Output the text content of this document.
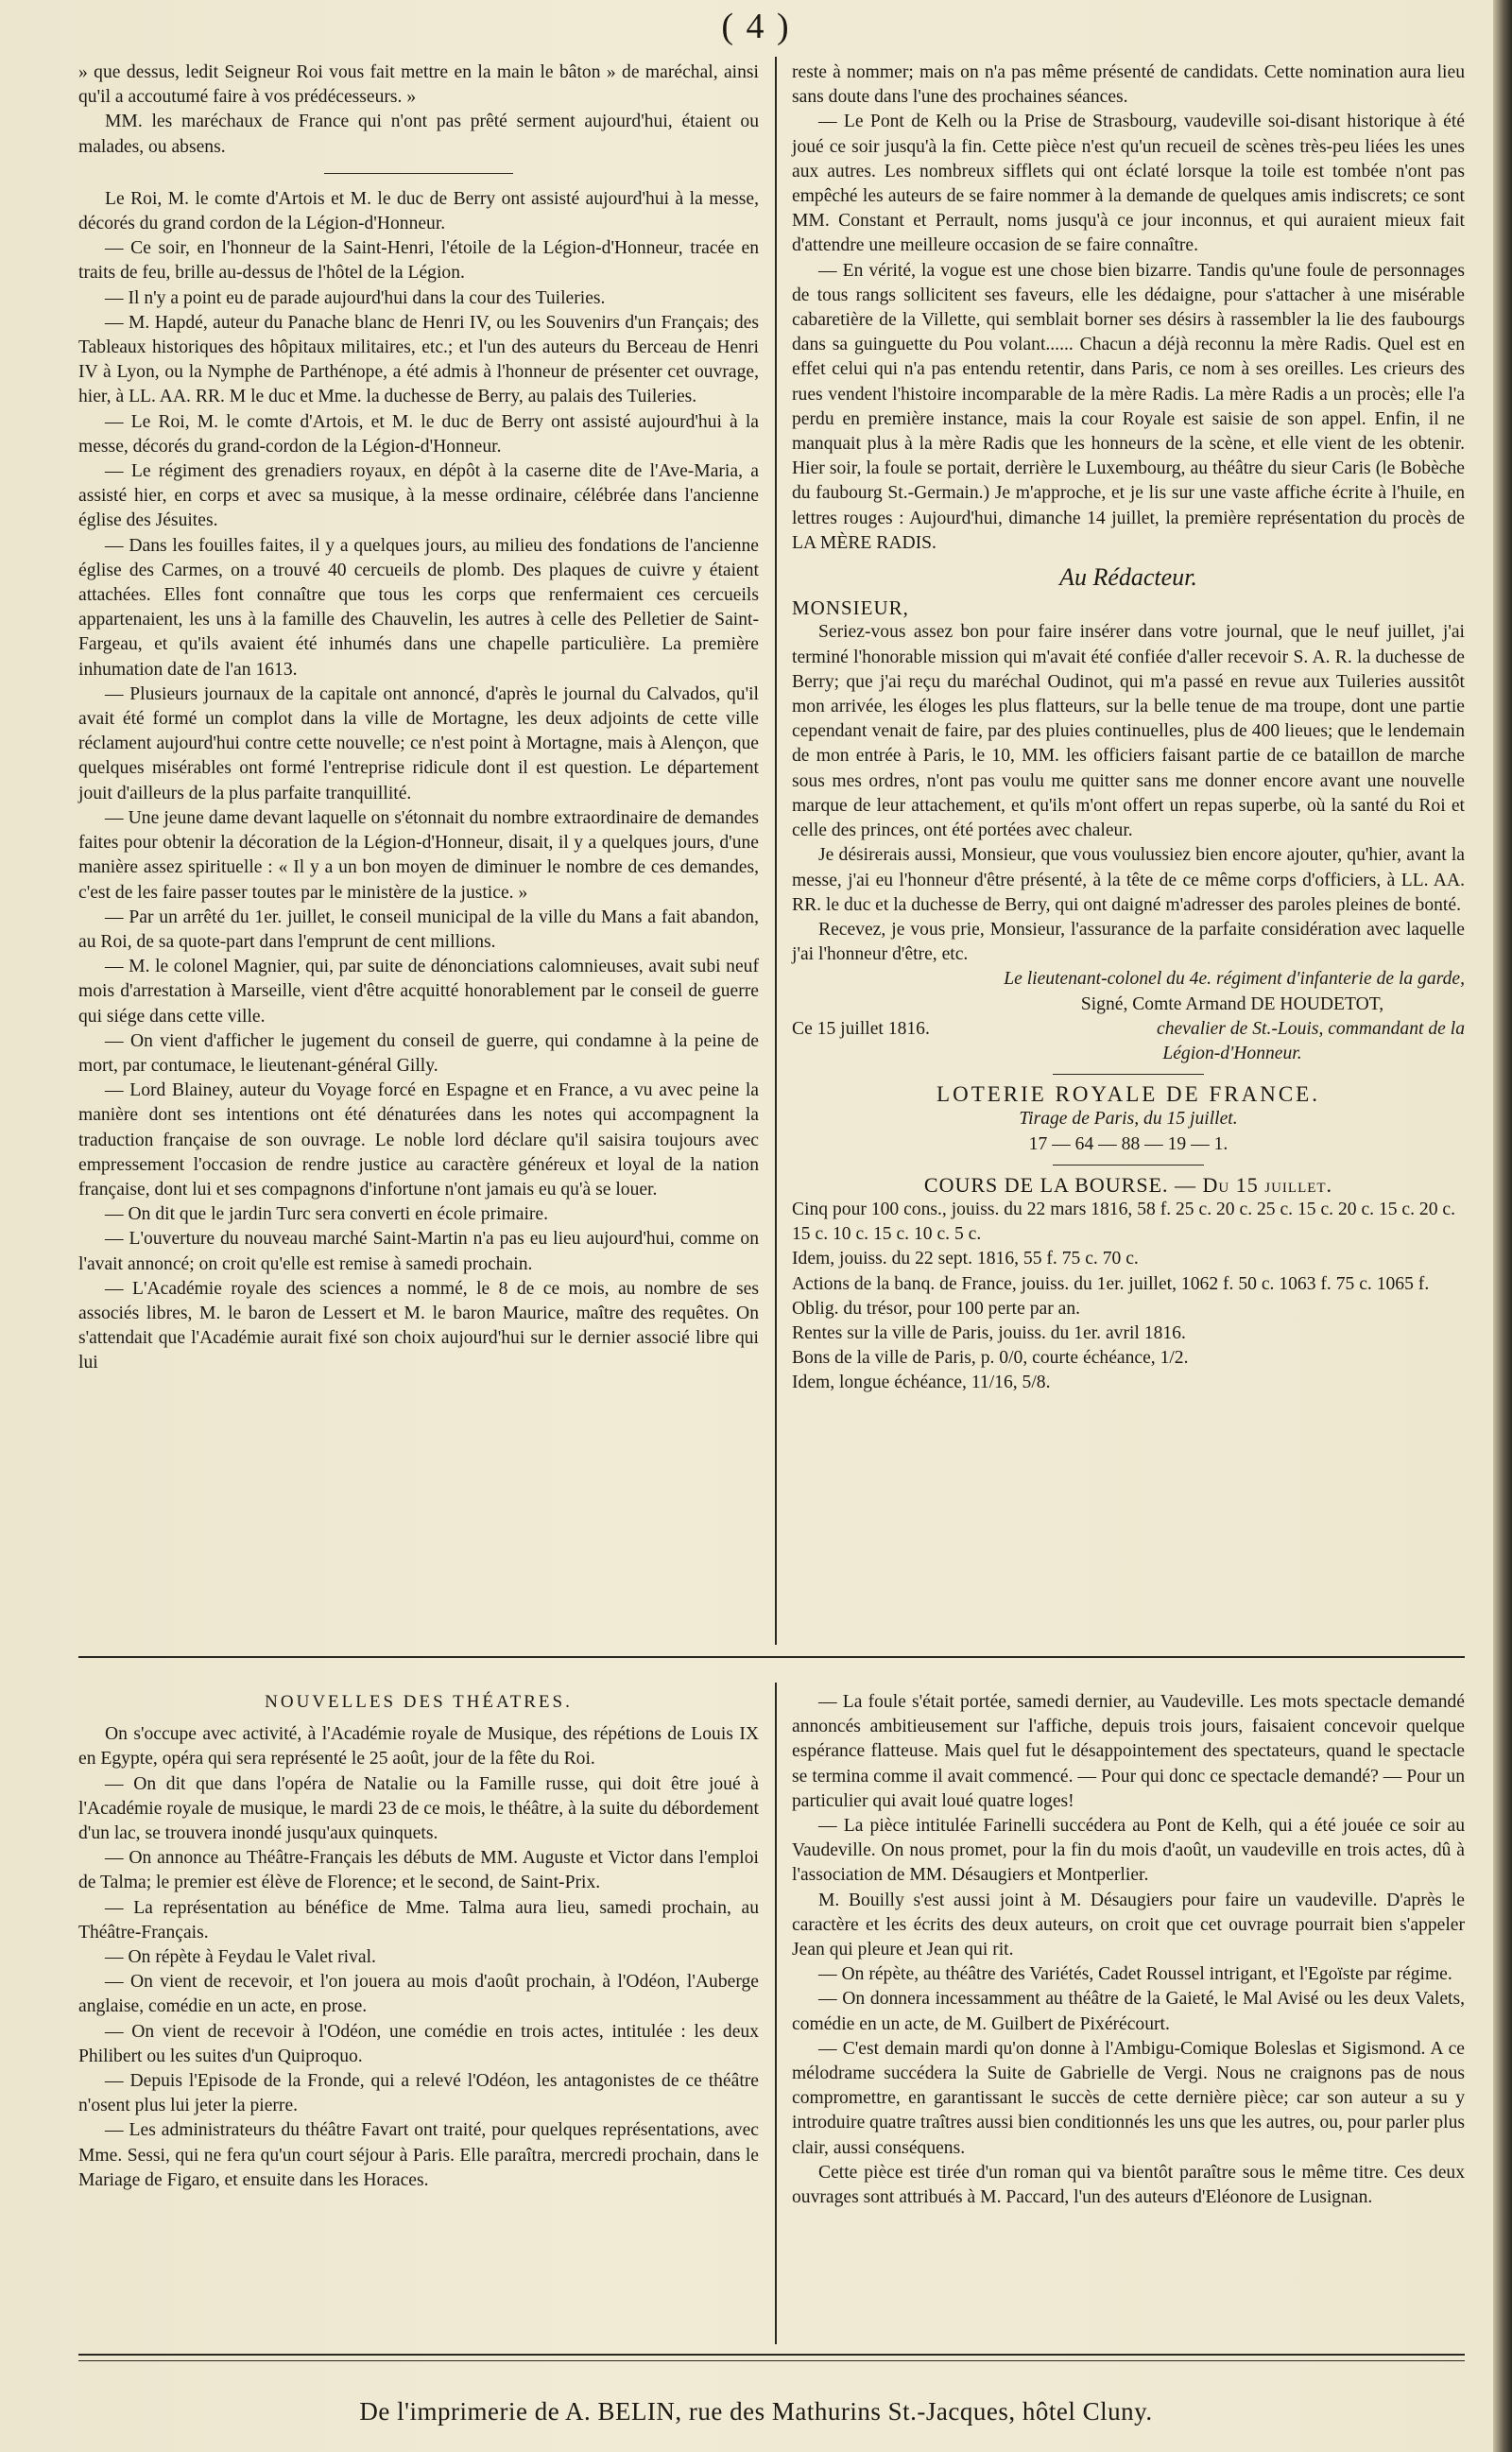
( 4 )

» que dessus, ledit Seigneur Roi vous fait mettre en la main le bâton » de maréchal, ainsi qu'il a accoutumé faire à vos prédécesseurs. »

MM. les maréchaux de France qui n'ont pas prêté serment aujourd'hui, étaient ou malades, ou absens.

Le Roi, M. le comte d'Artois et M. le duc de Berry ont assisté aujourd'hui à la messe, décorés du grand cordon de la Légion-d'Honneur.

— Ce soir, en l'honneur de la Saint-Henri, l'étoile de la Légion-d'Honneur, tracée en traits de feu, brille au-dessus de l'hôtel de la Légion.

— Il n'y a point eu de parade aujourd'hui dans la cour des Tuileries.

— M. Hapdé, auteur du Panache blanc de Henri IV, ou les Souvenirs d'un Français; des Tableaux historiques des hôpitaux militaires, etc.; et l'un des auteurs du Berceau de Henri IV à Lyon, ou la Nymphe de Parthénope, a été admis à l'honneur de présenter cet ouvrage, hier, à LL. AA. RR. M le duc et Mme. la duchesse de Berry, au palais des Tuileries.

— Le Roi, M. le comte d'Artois, et M. le duc de Berry ont assisté aujourd'hui à la messe, décorés du grand-cordon de la Légion-d'Honneur.

— Le régiment des grenadiers royaux, en dépôt à la caserne dite de l'Ave-Maria, a assisté hier, en corps et avec sa musique, à la messe ordinaire, célébrée dans l'ancienne église des Jésuites.

— Dans les fouilles faites, il y a quelques jours, au milieu des fondations de l'ancienne église des Carmes, on a trouvé 40 cercueils de plomb. Des plaques de cuivre y étaient attachées. Elles font connaître que tous les corps que renfermaient ces cercueils appartenaient, les uns à la famille des Chauvelin, les autres à celle des Pelletier de Saint-Fargeau, et qu'ils avaient été inhumés dans une chapelle particulière. La première inhumation date de l'an 1613.

— Plusieurs journaux de la capitale ont annoncé, d'après le journal du Calvados, qu'il avait été formé un complot dans la ville de Mortagne, les deux adjoints de cette ville réclament aujourd'hui contre cette nouvelle; ce n'est point à Mortagne, mais à Alençon, que quelques misérables ont formé l'entreprise ridicule dont il est question. Le département jouit d'ailleurs de la plus parfaite tranquillité.

— Une jeune dame devant laquelle on s'étonnait du nombre extraordinaire de demandes faites pour obtenir la décoration de la Légion-d'Honneur, disait, il y a quelques jours, d'une manière assez spirituelle : « Il y a un bon moyen de diminuer le nombre de ces demandes, c'est de les faire passer toutes par le ministère de la justice. »

— Par un arrêté du 1er. juillet, le conseil municipal de la ville du Mans a fait abandon, au Roi, de sa quote-part dans l'emprunt de cent millions.

— M. le colonel Magnier, qui, par suite de dénonciations calomnieuses, avait subi neuf mois d'arrestation à Marseille, vient d'être acquitté honorablement par le conseil de guerre qui siége dans cette ville.

— On vient d'afficher le jugement du conseil de guerre, qui condamne à la peine de mort, par contumace, le lieutenant-général Gilly.

— Lord Blainey, auteur du Voyage forcé en Espagne et en France, a vu avec peine la manière dont ses intentions ont été dénaturées dans les notes qui accompagnent la traduction française de son ouvrage. Le noble lord déclare qu'il saisira toujours avec empressement l'occasion de rendre justice au caractère généreux et loyal de la nation française, dont lui et ses compagnons d'infortune n'ont jamais eu qu'à se louer.

— On dit que le jardin Turc sera converti en école primaire.

— L'ouverture du nouveau marché Saint-Martin n'a pas eu lieu aujourd'hui, comme on l'avait annoncé; on croit qu'elle est remise à samedi prochain.

— L'Académie royale des sciences a nommé, le 8 de ce mois, au nombre de ses associés libres, M. le baron de Lessert et M. le baron Maurice, maître des requêtes. On s'attendait que l'Académie aurait fixé son choix aujourd'hui sur le dernier associé libre qui lui

reste à nommer; mais on n'a pas même présenté de candidats. Cette nomination aura lieu sans doute dans l'une des prochaines séances.

— Le Pont de Kelh ou la Prise de Strasbourg, vaudeville soi-disant historique à été joué ce soir jusqu'à la fin. Cette pièce n'est qu'un recueil de scènes très-peu liées les unes aux autres. Les nombreux sifflets qui ont éclaté lorsque la toile est tombée n'ont pas empêché les auteurs de se faire nommer à la demande de quelques amis indiscrets; ce sont MM. Constant et Perrault, noms jusqu'à ce jour inconnus, et qui auraient mieux fait d'attendre une meilleure occasion de se faire connaître.

— En vérité, la vogue est une chose bien bizarre. Tandis qu'une foule de personnages de tous rangs sollicitent ses faveurs, elle les dédaigne, pour s'attacher à une misérable cabaretière de la Villette, qui semblait borner ses désirs à rassembler la lie des faubourgs dans sa guinguette du Pou volant...... Chacun a déjà reconnu la mère Radis. Quel est en effet celui qui n'a pas entendu retentir, dans Paris, ce nom à ses oreilles. Les crieurs des rues vendent l'histoire incomparable de la mère Radis. La mère Radis a un procès; elle l'a perdu en première instance, mais la cour Royale est saisie de son appel. Enfin, il ne manquait plus à la mère Radis que les honneurs de la scène, et elle vient de les obtenir. Hier soir, la foule se portait, derrière le Luxembourg, au théâtre du sieur Caris (le Bobèche du faubourg St.-Germain.) Je m'approche, et je lis sur une vaste affiche écrite à l'huile, en lettres rouges : Aujourd'hui, dimanche 14 juillet, la première représentation du procès de LA MÈRE RADIS.

Au Rédacteur.

MONSIEUR,

Seriez-vous assez bon pour faire insérer dans votre journal, que le neuf juillet, j'ai terminé l'honorable mission qui m'avait été confiée d'aller recevoir S. A. R. la duchesse de Berry; que j'ai reçu du maréchal Oudinot, qui m'a passé en revue aux Tuileries aussitôt mon arrivée, les éloges les plus flatteurs, sur la belle tenue de ma troupe, dont une partie cependant venait de faire, par des pluies continuelles, plus de 400 lieues; que le lendemain de mon entrée à Paris, le 10, MM. les officiers faisant partie de ce bataillon de marche sous mes ordres, n'ont pas voulu me quitter sans me donner encore avant une nouvelle marque de leur attachement, et qu'ils m'ont offert un repas superbe, où la santé du Roi et celle des princes, ont été portées avec chaleur.

Je désirerais aussi, Monsieur, que vous voulussiez bien encore ajouter, qu'hier, avant la messe, j'ai eu l'honneur d'être présenté, à la tête de ce même corps d'officiers, à LL. AA. RR. le duc et la duchesse de Berry, qui ont daigné m'adresser des paroles pleines de bonté.

Recevez, je vous prie, Monsieur, l'assurance de la parfaite considération avec laquelle j'ai l'honneur d'être, etc.

Le lieutenant-colonel du 4e. régiment d'infanterie de la garde,

Signé, Comte Armand DE HOUDETOT,

chevalier de St.-Louis, commandant de la

Ce 15 juillet 1816.

Légion-d'Honneur.

LOTERIE ROYALE DE FRANCE.
Tirage de Paris, du 15 juillet.
17 — 64 — 88 — 19 — 1.
COURS DE LA BOURSE. — Du 15 juillet.

Cinq pour 100 cons., jouiss. du 22 mars 1816, 58 f. 25 c. 20 c. 25 c. 15 c. 20 c. 15 c. 20 c. 15 c. 10 c. 15 c. 10 c. 5 c.

Idem, jouiss. du 22 sept. 1816, 55 f. 75 c. 70 c.

Actions de la banq. de France, jouiss. du 1er. juillet, 1062 f. 50 c. 1063 f. 75 c. 1065 f.

Oblig. du trésor, pour 100 perte par an.

Rentes sur la ville de Paris, jouiss. du 1er. avril 1816.

Bons de la ville de Paris, p. 0/0, courte échéance, 1/2.

Idem, longue échéance, 11/16, 5/8.

NOUVELLES DES THÉATRES.

On s'occupe avec activité, à l'Académie royale de Musique, des répétions de Louis IX en Egypte, opéra qui sera représenté le 25 août, jour de la fête du Roi.

— On dit que dans l'opéra de Natalie ou la Famille russe, qui doit être joué à l'Académie royale de musique, le mardi 23 de ce mois, le théâtre, à la suite du débordement d'un lac, se trouvera inondé jusqu'aux quinquets.

— On annonce au Théâtre-Français les débuts de MM. Auguste et Victor dans l'emploi de Talma; le premier est élève de Florence; et le second, de Saint-Prix.

— La représentation au bénéfice de Mme. Talma aura lieu, samedi prochain, au Théâtre-Français.

— On répète à Feydau le Valet rival.

— On vient de recevoir, et l'on jouera au mois d'août prochain, à l'Odéon, l'Auberge anglaise, comédie en un acte, en prose.

— On vient de recevoir à l'Odéon, une comédie en trois actes, intitulée : les deux Philibert ou les suites d'un Quiproquo.

— Depuis l'Episode de la Fronde, qui a relevé l'Odéon, les antagonistes de ce théâtre n'osent plus lui jeter la pierre.

— Les administrateurs du théâtre Favart ont traité, pour quelques représentations, avec Mme. Sessi, qui ne fera qu'un court séjour à Paris. Elle paraîtra, mercredi prochain, dans le Mariage de Figaro, et ensuite dans les Horaces.

— La foule s'était portée, samedi dernier, au Vaudeville. Les mots spectacle demandé annoncés ambitieusement sur l'affiche, depuis trois jours, faisaient concevoir quelque espérance flatteuse. Mais quel fut le désappointement des spectateurs, quand le spectacle se termina comme il avait commencé. — Pour qui donc ce spectacle demandé? — Pour un particulier qui avait loué quatre loges!

— La pièce intitulée Farinelli succédera au Pont de Kelh, qui a été jouée ce soir au Vaudeville. On nous promet, pour la fin du mois d'août, un vaudeville en trois actes, dû à l'association de MM. Désaugiers et Montperlier.

M. Bouilly s'est aussi joint à M. Désaugiers pour faire un vaudeville. D'après le caractère et les écrits des deux auteurs, on croit que cet ouvrage pourrait bien s'appeler Jean qui pleure et Jean qui rit.

— On répète, au théâtre des Variétés, Cadet Roussel intrigant, et l'Egoïste par régime.

— On donnera incessamment au théâtre de la Gaieté, le Mal Avisé ou les deux Valets, comédie en un acte, de M. Guilbert de Pixérécourt.

— C'est demain mardi qu'on donne à l'Ambigu-Comique Boleslas et Sigismond. A ce mélodrame succédera la Suite de Gabrielle de Vergi. Nous ne craignons pas de nous compromettre, en garantissant le succès de cette dernière pièce; car son auteur a su y introduire quatre traîtres aussi bien conditionnés les uns que les autres, ou, pour parler plus clair, aussi conséquens.

Cette pièce est tirée d'un roman qui va bientôt paraître sous le même titre. Ces deux ouvrages sont attribués à M. Paccard, l'un des auteurs d'Eléonore de Lusignan.

De l'imprimerie de A. BELIN, rue des Mathurins St.-Jacques, hôtel Cluny.
